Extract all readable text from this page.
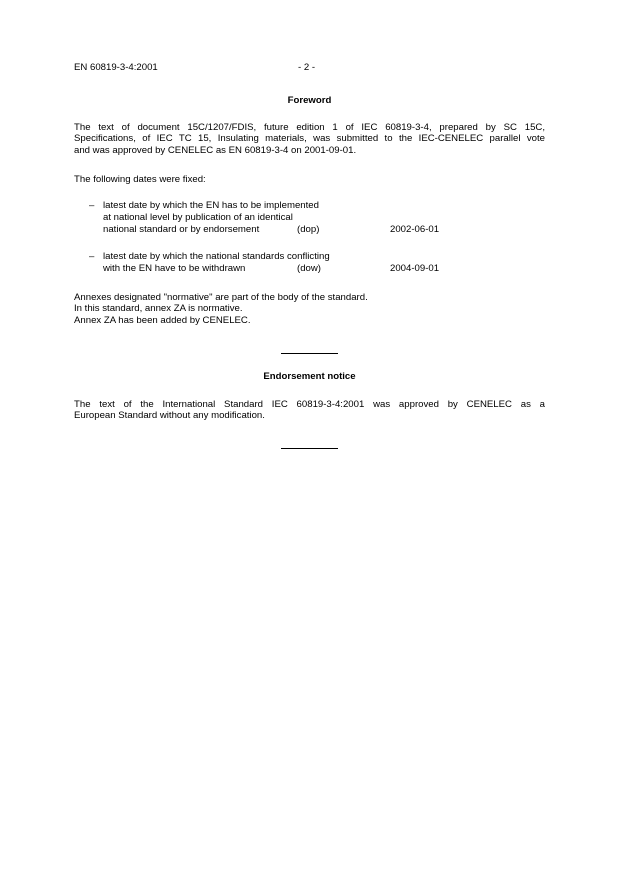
EN 60819-3-4:2001	- 2 -
Foreword
The text of document 15C/1207/FDIS, future edition 1 of IEC 60819-3-4, prepared by SC 15C,
Specifications, of IEC TC 15, Insulating materials, was submitted to the IEC-CENELEC parallel vote
and was approved by CENELEC as EN 60819-3-4 on 2001-09-01.
The following dates were fixed:
– latest date by which the EN has to be implemented
at national level by publication of an identical
national standard or by endorsement	(dop)	2002-06-01
– latest date by which the national standards conflicting
with the EN have to be withdrawn	(dow)	2004-09-01
Annexes designated "normative" are part of the body of the standard.
In this standard, annex ZA is normative.
Annex ZA has been added by CENELEC.
Endorsement notice
The text of the International Standard IEC 60819-3-4:2001 was approved by CENELEC as a
European Standard without any modification.
